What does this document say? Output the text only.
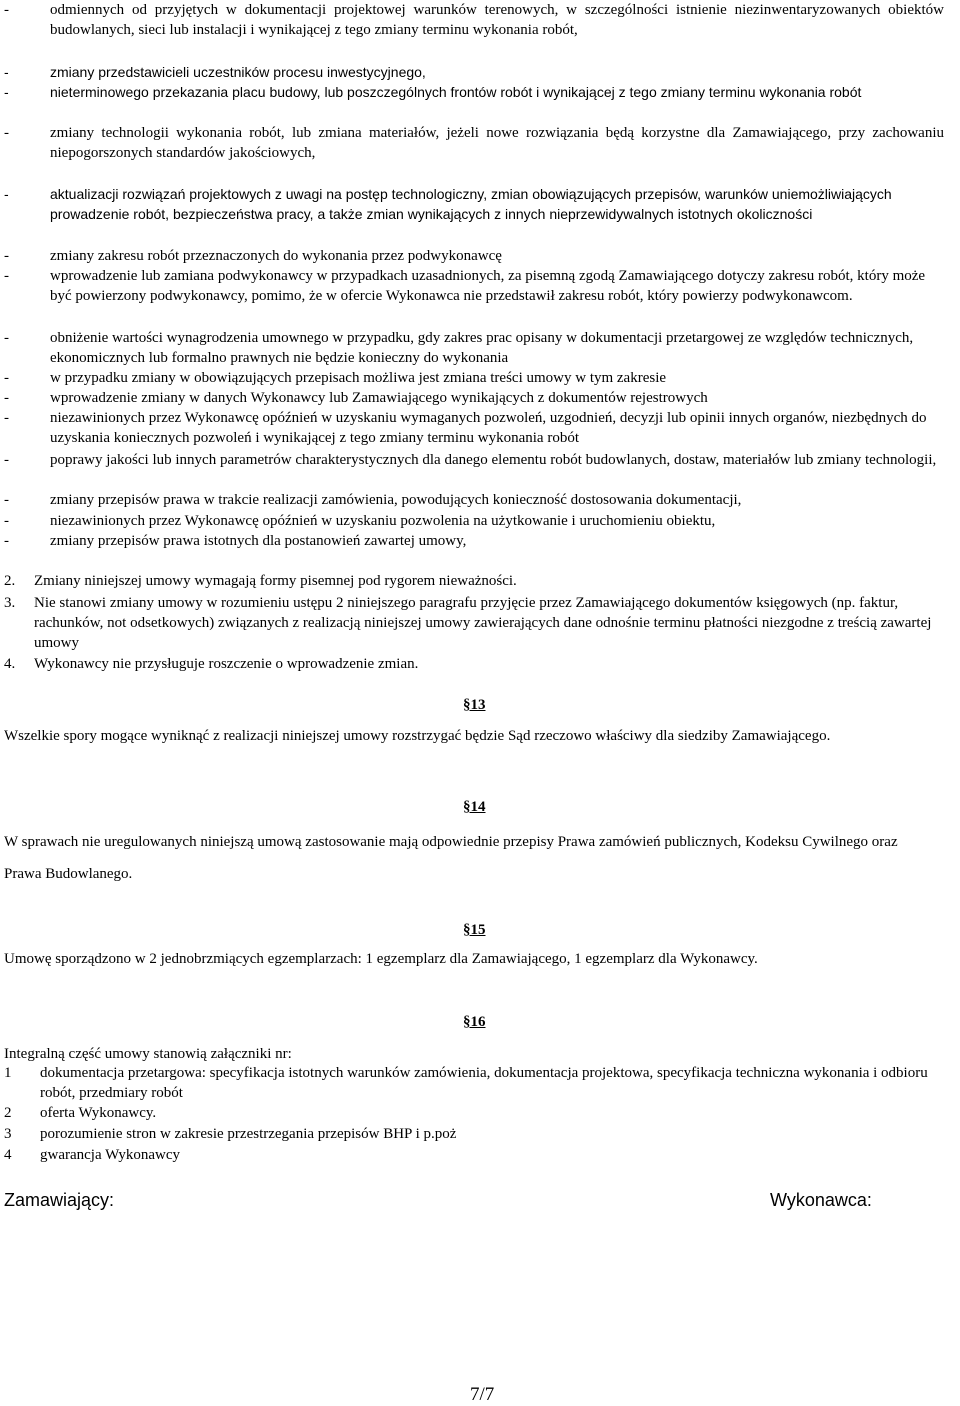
-	odmiennych od przyjętych w dokumentacji projektowej warunków terenowych, w szczególności istnienie niezinwentaryzowanych obiektów budowlanych, sieci lub instalacji i wynikającej z tego zmiany terminu wykonania robót,
-	zmiany przedstawicieli uczestników procesu inwestycyjnego,
-	nieterminowego przekazania placu budowy, lub poszczególnych frontów robót i wynikającej z tego zmiany terminu wykonania robót
-	zmiany technologii wykonania robót, lub zmiana materiałów, jeżeli nowe rozwiązania będą korzystne dla Zamawiającego, przy zachowaniu niepogorszonych standardów jakościowych,
-	aktualizacji rozwiązań projektowych z uwagi na postęp technologiczny, zmian obowiązujących przepisów, warunków uniemożliwiających prowadzenie robót, bezpieczeństwa pracy, a także zmian wynikających z innych nieprzewidywalnych istotnych okoliczności
-	zmiany zakresu robót przeznaczonych do wykonania przez podwykonawcę
-	wprowadzenie lub zamiana podwykonawcy w przypadkach uzasadnionych, za pisemną zgodą Zamawiającego dotyczy zakresu robót, który może być powierzony podwykonawcy, pomimo, że w ofercie Wykonawca nie przedstawił zakresu robót, który powierzy podwykonawcom.
-	obniżenie wartości wynagrodzenia umownego w przypadku, gdy zakres prac opisany w dokumentacji przetargowej ze względów technicznych, ekonomicznych lub formalno prawnych nie będzie konieczny do wykonania
-	w przypadku zmiany w obowiązujących przepisach możliwa jest zmiana treści umowy w tym zakresie
-	wprowadzenie zmiany w danych Wykonawcy lub Zamawiającego wynikających z dokumentów rejestrowych
-	niezawinionych przez Wykonawcę opóźnień w uzyskaniu wymaganych pozwoleń, uzgodnień, decyzji lub opinii innych organów, niezbędnych do uzyskania koniecznych pozwoleń i wynikającej z tego zmiany terminu wykonania robót
-	poprawy jakości lub innych parametrów charakterystycznych dla danego elementu robót budowlanych, dostaw, materiałów lub zmiany technologii,
-	zmiany przepisów prawa w trakcie realizacji zamówienia, powodujących konieczność dostosowania dokumentacji,
-	niezawinionych przez Wykonawcę opóźnień w uzyskaniu pozwolenia na użytkowanie i uruchomieniu obiektu,
-	zmiany przepisów prawa istotnych dla postanowień zawartej umowy,
2. Zmiany niniejszej umowy wymagają formy pisemnej pod rygorem nieważności.
3. Nie stanowi zmiany umowy w rozumieniu ustępu 2 niniejszego paragrafu przyjęcie przez Zamawiającego dokumentów księgowych (np. faktur, rachunków, not odsetkowych) związanych z realizacją niniejszej umowy zawierających dane odnośnie terminu płatności niezgodne z treścią zawartej umowy
4. Wykonawcy nie przysługuje roszczenie o wprowadzenie zmian.
§13
Wszelkie spory mogące wyniknąć z realizacji niniejszej umowy rozstrzygać będzie Sąd rzeczowo właściwy dla siedziby Zamawiającego.
§14
W sprawach nie uregulowanych niniejszą umową zastosowanie mają odpowiednie przepisy Prawa zamówień publicznych, Kodeksu Cywilnego oraz Prawa Budowlanego.
§15
Umowę sporządzono w 2 jednobrzmiących egzemplarzach: 1 egzemplarz dla Zamawiającego, 1 egzemplarz dla Wykonawcy.
§16
Integralną część umowy stanowią załączniki nr:
1 dokumentacja przetargowa: specyfikacja istotnych warunków zamówienia, dokumentacja projektowa, specyfikacja techniczna wykonania i odbioru robót, przedmiary robót
2 oferta Wykonawcy.
3 porozumienie stron w zakresie przestrzegania przepisów BHP i p.poż
4 gwarancja Wykonawcy
Zamawiający:	Wykonawca:
7/7
